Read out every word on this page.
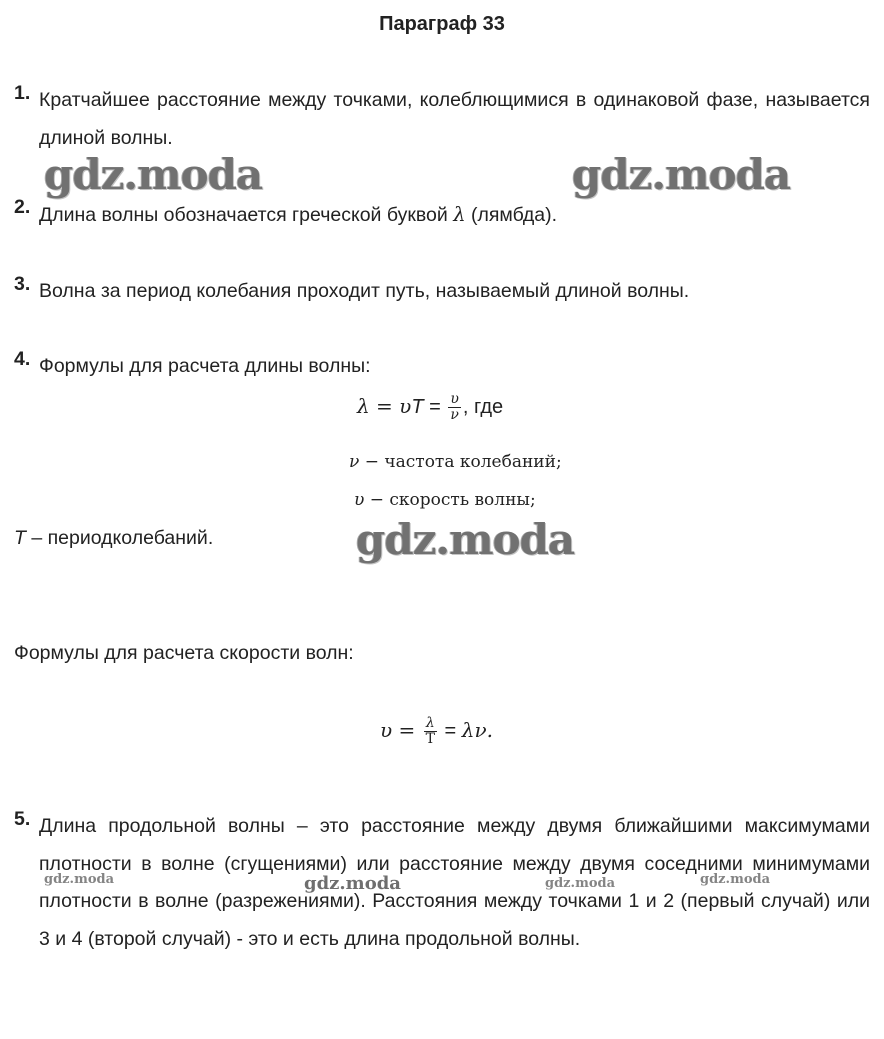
Параграф 33
1. Кратчайшее расстояние между точками, колеблющимися в одинаковой фазе, называется длиной волны.
2. Длина волны обозначается греческой буквой λ (лямбда).
3. Волна за период колебания проходит путь, называемый длиной волны.
4. Формулы для расчета длины волны:
$\lambda = \upsilon T = \frac{\upsilon}{\nu}$ , где
ν − частота колебаний;
υ − скорость волны;
T – периодколебаний.
Формулы для расчета скорости волн:
$\upsilon = \frac{\lambda}{T} = \lambda\nu$.
5. Длина продольной волны – это расстояние между двумя ближайшими максимумами плотности в волне (сгущениями) или расстояние между двумя соседними минимумами плотности в волне (разрежениями). Расстояния между точками 1 и 2 (первый случай) или 3 и 4 (второй случай) - это и есть длина продольной волны.
gdz.moda	gdz.moda
gdz.moda
gdz.moda	gdz.moda	gdz.moda	gdz.moda
